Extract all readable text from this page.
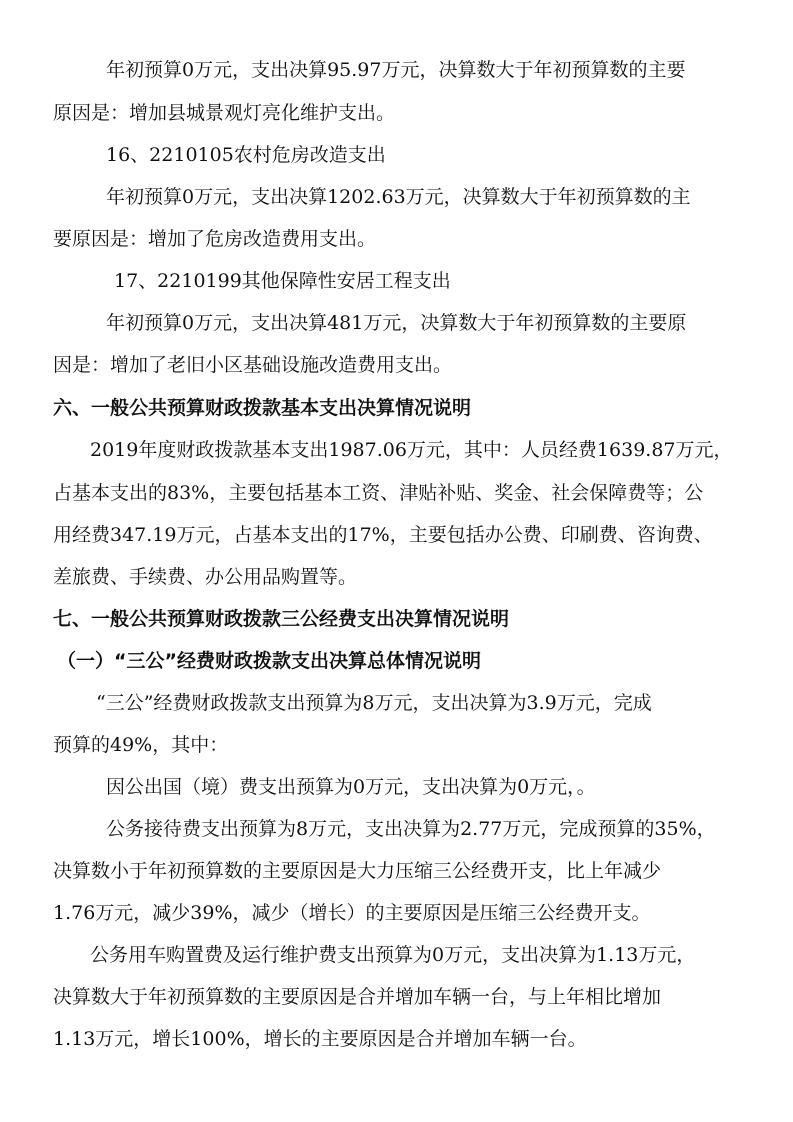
年初预算0万元，支出决算95.97万元，决算数大于年初预算数的主要
原因是：增加县城景观灯亮化维护支出。
16、2210105农村危房改造支出
年初预算0万元，支出决算1202.63万元，决算数大于年初预算数的主
要原因是：增加了危房改造费用支出。
17、2210199其他保障性安居工程支出
年初预算0万元，支出决算481万元，决算数大于年初预算数的主要原
因是：增加了老旧小区基础设施改造费用支出。
六、一般公共预算财政拨款基本支出决算情况说明
2019年度财政拨款基本支出1987.06万元，其中：人员经费1639.87万元，
占基本支出的83%，主要包括基本工资、津贴补贴、奖金、社会保障费等；公
用经费347.19万元，占基本支出的17%，主要包括办公费、印刷费、咨询费、
差旅费、手续费、办公用品购置等。
七、一般公共预算财政拨款三公经费支出决算情况说明
（一）“三公”经费财政拨款支出决算总体情况说明
“三公”经费财政拨款支出预算为8万元，支出决算为3.9万元，完成
预算的49%，其中：
因公出国（境）费支出预算为0万元，支出决算为0万元，。
公务接待费支出预算为8万元，支出决算为2.77万元，完成预算的35%，
决算数小于年初预算数的主要原因是大力压缩三公经费开支，比上年减少
1.76万元，减少39%，减少（增长）的主要原因是压缩三公经费开支。
公务用车购置费及运行维护费支出预算为0万元，支出决算为1.13万元，
决算数大于年初预算数的主要原因是合并增加车辆一台，与上年相比增加
1.13万元，增长100%，增长的主要原因是合并增加车辆一台。
